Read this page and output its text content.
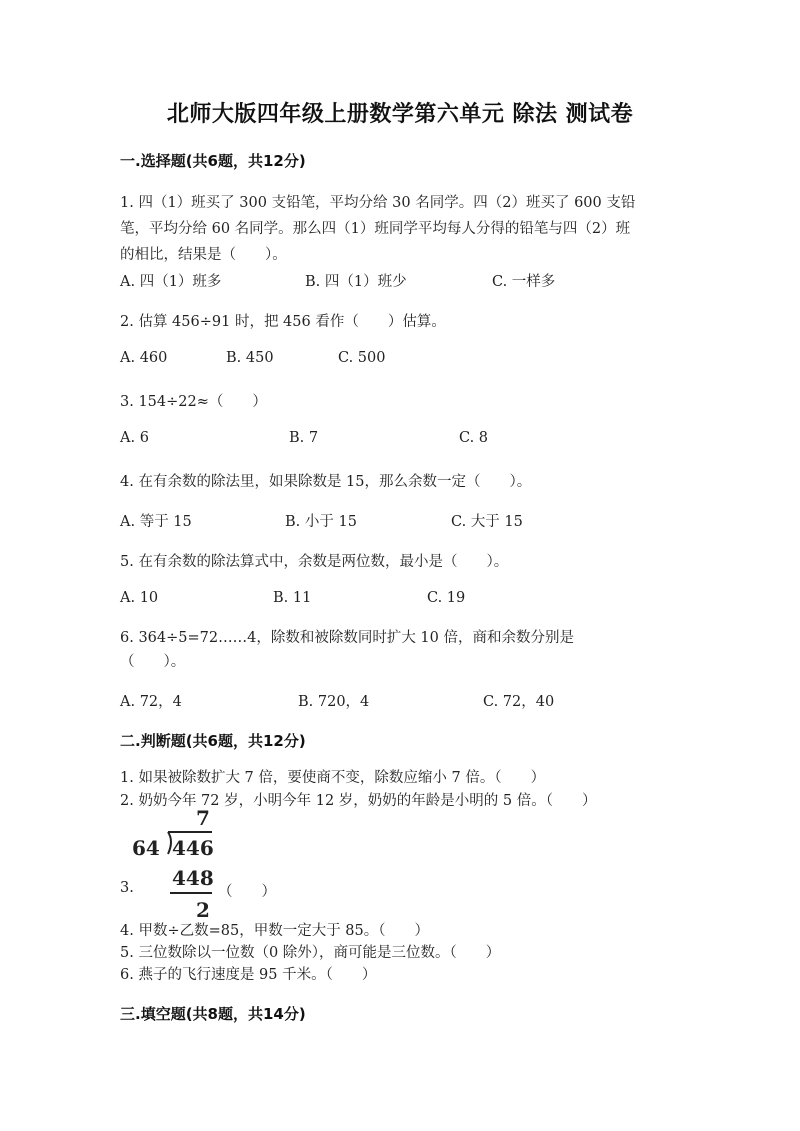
北师大版四年级上册数学第六单元 除法 测试卷
一.选择题(共6题，共12分)
1. 四（1）班买了 300 支铅笔，平均分给 30 名同学。四（2）班买了 600 支铅
笔，平均分给 60 名同学。那么四（1）班同学平均每人分得的铅笔与四（2）班
的相比，结果是（　　）。
A. 四（1）班多	B. 四（1）班少	C. 一样多
2. 估算 456÷91 时，把 456 看作（　　）估算。
A. 460	B. 450	C. 500
3. 154÷22≈（　　）
A. 6	B. 7	C. 8
4. 在有余数的除法里，如果除数是 15，那么余数一定（　　）。
A. 等于 15	B. 小于 15	C. 大于 15
5. 在有余数的除法算式中，余数是两位数，最小是（　　）。
A. 10	B. 11	C. 19
6. 364÷5=72……4，除数和被除数同时扩大 10 倍，商和余数分别是
（　　）。
A. 72，4	B. 720，4	C. 72，40
二.判断题(共6题，共12分)
1. 如果被除数扩大 7 倍，要使商不变，除数应缩小 7 倍。（　　）
2. 奶奶今年 72 岁，小明今年 12 岁，奶奶的年龄是小明的 5 倍。（　　）
7
64 446
448
2
3.	（　　）
4. 甲数÷乙数=85，甲数一定大于 85。（　　）
5. 三位数除以一位数（0 除外），商可能是三位数。（　　）
6. 燕子的飞行速度是 95 千米。（　　）
三.填空题(共8题，共14分)
